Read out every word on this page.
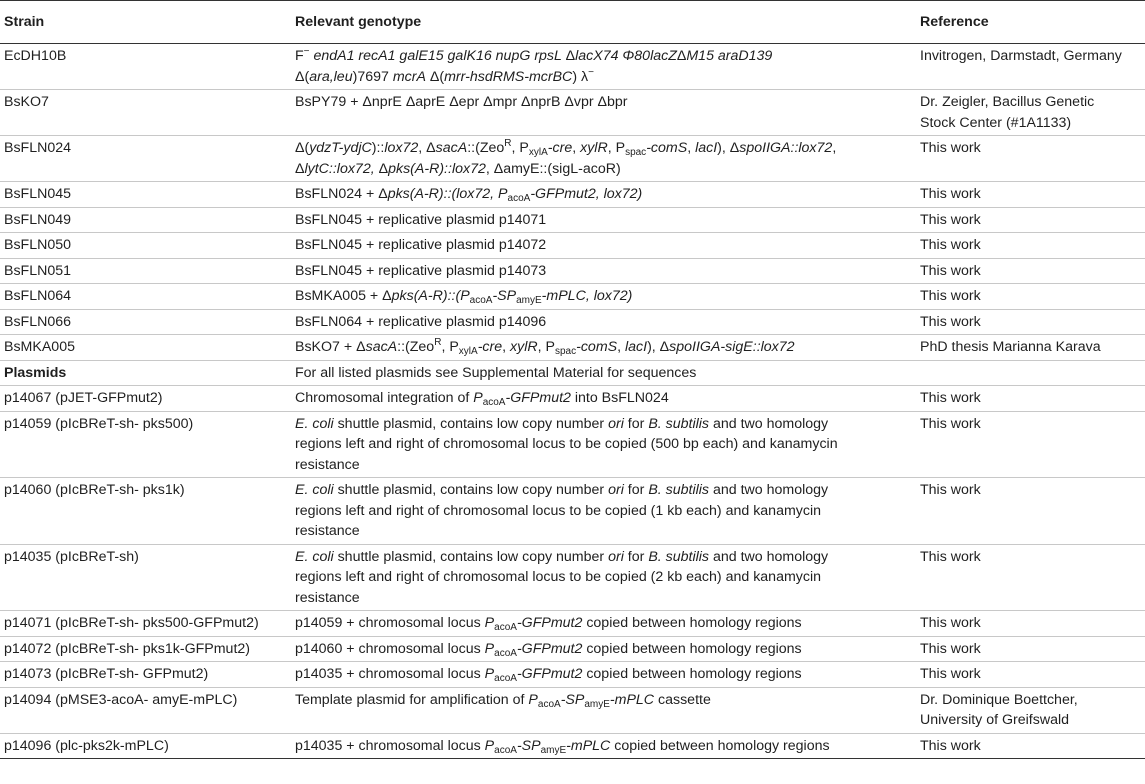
Strain	Relevant genotype	Reference
EcDH10B	F− endA1 recA1 galE15 galK16 nupG rpsL ΔlacX74 Φ80lacZΔM15 araD139
Δ(ara,leu)7697 mcrA Δ(mrr-hsdRMS-mcrBC) λ−	Invitrogen, Darmstadt, Germany
BsKO7	BsPY79 + ΔnprE ΔaprE Δepr Δmpr ΔnprB Δvpr Δbpr	Dr. Zeigler, Bacillus Genetic
Stock Center (#1A1133)
BsFLN024	Δ(ydzT-ydjC)::lox72, ΔsacA::(Zeo$^R$, $P_{xylA}$-cre, xylR, $P_{spac}$-comS, lacI), ΔspoIIGA::lox72,
ΔlytC::lox72, Δpks(A-R)::lox72, ΔamyE::(sigL-acoR)	This work
BsFLN045	BsFLN024 + Δpks(A-R)::(lox72, $P_{acoA}-GFPmut2$, lox72)	This work
BsFLN049	BsFLN045 + replicative plasmid p14071	This work
BsFLN050	BsFLN045 + replicative plasmid p14072	This work
BsFLN051	BsFLN045 + replicative plasmid p14073	This work
BsFLN064	BsMKA005 + $\Delta pks(A-R)::(P_{acoA}-SP_{amyE}$-mPLC, lox72)	This work
BsFLN066	BsFLN064 + replicative plasmid p14096	This work
BsMKA005	BsKO7 + ΔsacA::(Zeo$^R$, $P_{xylA}$-cre, xylR, $P_{spac}$-comS, lacI), ΔspoIIGA-sigE::lox72	PhD thesis Marianna Karava
Plasmids	For all listed plasmids see Supplemental Material for sequences	
p14067 (pJET-GFPmut2)	Chromosomal integration of $P_{acoA}-GFPmut2$ into BsFLN024	This work
p14059 (pIcBReT-sh- pks500)	E. coli shuttle plasmid, contains low copy number ori for B. subtilis and two homology
regions left and right of chromosomal locus to be copied (500 bp each) and kanamycin
resistance	This work
p14060 (pIcBReT-sh- pks1k)	E. coli shuttle plasmid, contains low copy number ori for B. subtilis and two homology
regions left and right of chromosomal locus to be copied (1 kb each) and kanamycin
resistance	This work
p14035 (pIcBReT-sh)	E. coli shuttle plasmid, contains low copy number ori for B. subtilis and two homology
regions left and right of chromosomal locus to be copied (2 kb each) and kanamycin
resistance	This work
p14071 (pIcBReT-sh- pks500-GFPmut2)	p14059 + chromosomal locus $P_{acoA}-GFPmut2$ copied between homology regions	This work
p14072 (pIcBReT-sh- pks1k-GFPmut2)	p14060 + chromosomal locus $P_{acoA}-GFPmut2$ copied between homology regions	This work
p14073 (pIcBReT-sh- GFPmut2)	p14035 + chromosomal locus $P_{acoA}-GFPmut2$ copied between homology regions	This work
p14094 (pMSE3-acoA- amyE-mPLC)	Template plasmid for amplification of $P_{acoA}-SP_{amyE}$-mPLC cassette	Dr. Dominique Boettcher,
University of Greifswald
p14096 (plc-pks2k-mPLC)	p14035 + chromosomal locus $P_{acoA}-SP_{amyE}$-mPLC copied between homology regions	This work
